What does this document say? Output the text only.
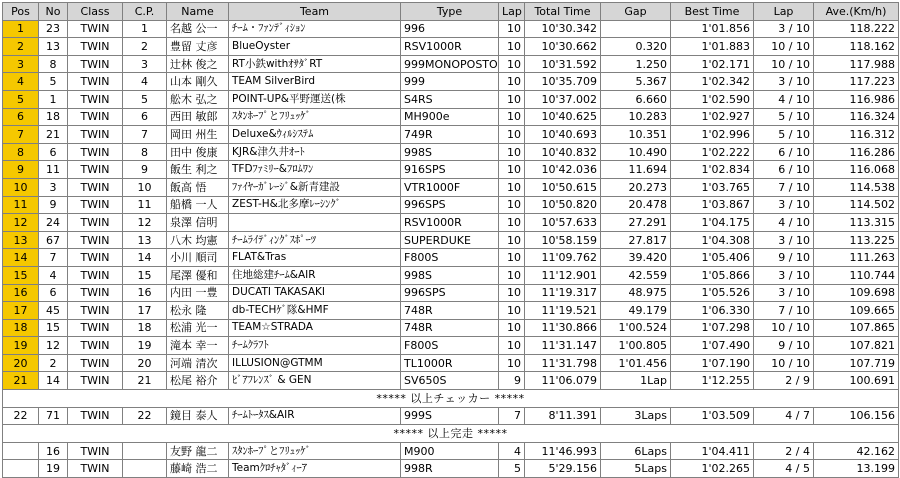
Pos	No	Class	C.P.	Name	Team	Type	Lap	Total Time	Gap	Best Time	Lap	Ave.(Km/h)
1	23	TWIN	1	名越 公一	ﾁｰﾑ・ﾌｧﾝﾃﾞｨｼｮﾝ	996	10	10'30.342		1'01.856	3 / 10	118.222
2	13	TWIN	2	豊留 丈彦	BlueOyster	RSV1000R	10	10'30.662	0.320	1'01.883	10 / 10	118.162
3	8	TWIN	3	辻林 俊之	RT小鉄withｵｻﾀﾞRT	999MONOPOSTO	10	10'31.592	1.250	1'02.171	10 / 10	117.988
4	5	TWIN	4	山本 剛久	TEAM SilverBird	999	10	10'35.709	5.367	1'02.342	3 / 10	117.223
5	1	TWIN	5	舩木 弘之	POINT-UP&平野運送(株	S4RS	10	10'37.002	6.660	1'02.590	4 / 10	116.986
6	18	TWIN	6	西田 敏郎	ｽﾀﾝﾎｰﾌﾟとﾌﾘｭｯｹﾞ	MH900e	10	10'40.625	10.283	1'02.927	5 / 10	116.324
7	21	TWIN	7	岡田 州生	Deluxe&ｳｨﾙｼｽﾃﾑ	749R	10	10'40.693	10.351	1'02.996	5 / 10	116.312
8	6	TWIN	8	田中 俊康	KJR&津久井ｵｰﾄ	998S	10	10'40.832	10.490	1'02.222	6 / 10	116.286
9	11	TWIN	9	飯生 利之	TFDﾌｧﾐﾘｰ&ﾌﾛﾑﾜﾝ	916SPS	10	10'42.036	11.694	1'02.834	6 / 10	116.068
10	3	TWIN	10	飯高 悟	ﾌｧｲﾔｰｶﾞﾚｰｼﾞ&新青建設	VTR1000F	10	10'50.615	20.273	1'03.765	7 / 10	114.538
11	9	TWIN	11	船橋 一人	ZEST-H&北多摩ﾚｰｼﾝｸﾞ	996SPS	10	10'50.820	20.478	1'03.867	3 / 10	114.502
12	24	TWIN	12	泉澤 信明		RSV1000R	10	10'57.633	27.291	1'04.175	4 / 10	113.315
13	67	TWIN	13	八木 均憲	ﾁｰﾑﾗｲﾃﾞｨﾝｸﾞｽﾎﾟｰﾂ	SUPERDUKE	10	10'58.159	27.817	1'04.308	3 / 10	113.225
14	7	TWIN	14	小川 順司	FLAT&Tras	F800S	10	11'09.762	39.420	1'05.406	9 / 10	111.263
15	4	TWIN	15	尾澤 優和	住地総建ﾁｰﾑ&AIR	998S	10	11'12.901	42.559	1'05.866	3 / 10	110.744
16	6	TWIN	16	内田 一豊	DUCATI TAKASAKI	996SPS	10	11'19.317	48.975	1'05.526	3 / 10	109.698
17	45	TWIN	17	松永 隆	db-TECHｹﾞ隊&HMF	748R	10	11'19.521	49.179	1'06.330	7 / 10	109.665
18	15	TWIN	18	松浦 光一	TEAM☆STRADA	748R	10	11'30.866	1'00.524	1'07.298	10 / 10	107.865
19	12	TWIN	19	滝本 幸一	ﾁｰﾑｸﾗﾌﾄ	F800S	10	11'31.147	1'00.805	1'07.490	9 / 10	107.821
20	2	TWIN	20	河端 清次	ILLUSION@GTMM	TL1000R	10	11'31.798	1'01.456	1'07.190	10 / 10	107.719
21	14	TWIN	21	松尾 裕介	ﾋﾞｱﾌﾚﾝｽﾞ & GEN	SV650S	9	11'06.079	1Lap	1'12.255	2 / 9	100.691
***** 以上チェッカー *****												
22	71	TWIN	22	鏡目 泰人	ﾁｰﾑﾄｰﾀｽ&AIR	999S	7	8'11.391	3Laps	1'03.509	4 / 7	106.156
***** 以上完走 *****												
	16	TWIN		友野 龍二	ｽﾀﾝﾎｰﾌﾟとﾌﾘｭｯｹﾞ	M900	4	11'46.993	6Laps	1'04.411	2 / 4	42.162
	19	TWIN		藤崎 浩二	Teamｸﾛﾁｬﾀﾞｨｰｱ	998R	5	5'29.156	5Laps	1'02.265	4 / 5	13.199
